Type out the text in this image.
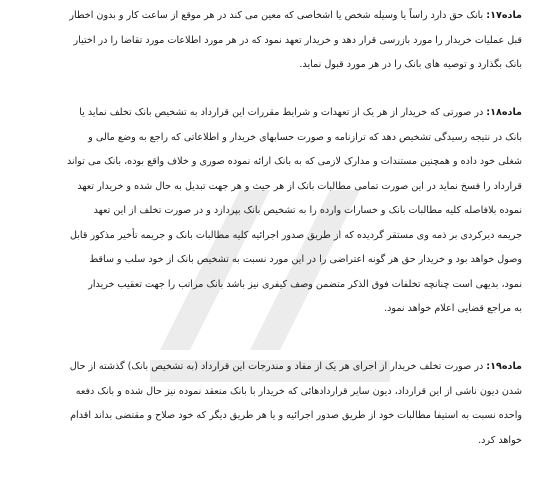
ماده۱۷: بانک حق دارد راساً یا وسیله شخص یا اشخاصی که معین می کند در هر موقع از ساعت کار و بدون اخطار
قبل عملیات خریدار را مورد بازرسی قرار دهد و خریدار تعهد نمود که در هر مورد اطلاعات مورد تقاضا را در اختیار
بانک بگذارد و توصیه های بانک را در هر مورد قبول نماید.
ماده۱۸: در صورتی که خریدار از هر یک از تعهدات و شرایط مقررات این قرارداد به تشخیص بانک تخلف نماید یا
بانک در نتیجه رسیدگی تشخیص دهد که ترازنامه و صورت حسابهای خریدار و اطلاعاتی که راجع به وضع مالی و
شغلی خود داده و همچنین مستندات و مدارک لازمی که به بانک ارائه نموده صوری و خلاف واقع بوده، بانک می تواند
قرارداد را فسخ نماید در این صورت تمامی مطالبات بانک از هر حیث و هر جهت تبدیل به حال شده و خریدار تعهد
نموده بلافاصله کلیه مطالبات بانک و خسارات وارده را به تشخیص بانک بپردازد و در صورت تخلف از این تعهد
جریمه دیرکردی بر ذمه وی مستقر گردیده که از طریق صدور اجرائیه کلیه مطالبات بانک و جریمه تأخیر مذکور قابل
وصول خواهد بود و خریدار حق هر گونه اعتراضی را در این مورد نسبت به تشخیص بانک از خود سلب و ساقط
نمود، بدیهی است چنانچه تخلفات فوق الذکر متضمن وصف کیفری نیز باشد بانک مراتب را جهت تعقیب خریدار
به مراجع قضایی اعلام خواهد نمود.
ماده۱۹: در صورت تخلف خریدار از اجرای هر یک از مفاد و مندرجات این قرارداد (به تشخیص بانک) گذشته از حال
شدن دیون ناشی از این قرارداد، دیون سایر قراردادهائی که خریدار با بانک منعقد نموده نیز حال شده و بانک دفعه
واحده نسبت به استیفا مطالبات خود از طریق صدور اجرائیه و یا هر طریق دیگر که خود صلاح و مقتضی بداند اقدام
خواهد کرد.
